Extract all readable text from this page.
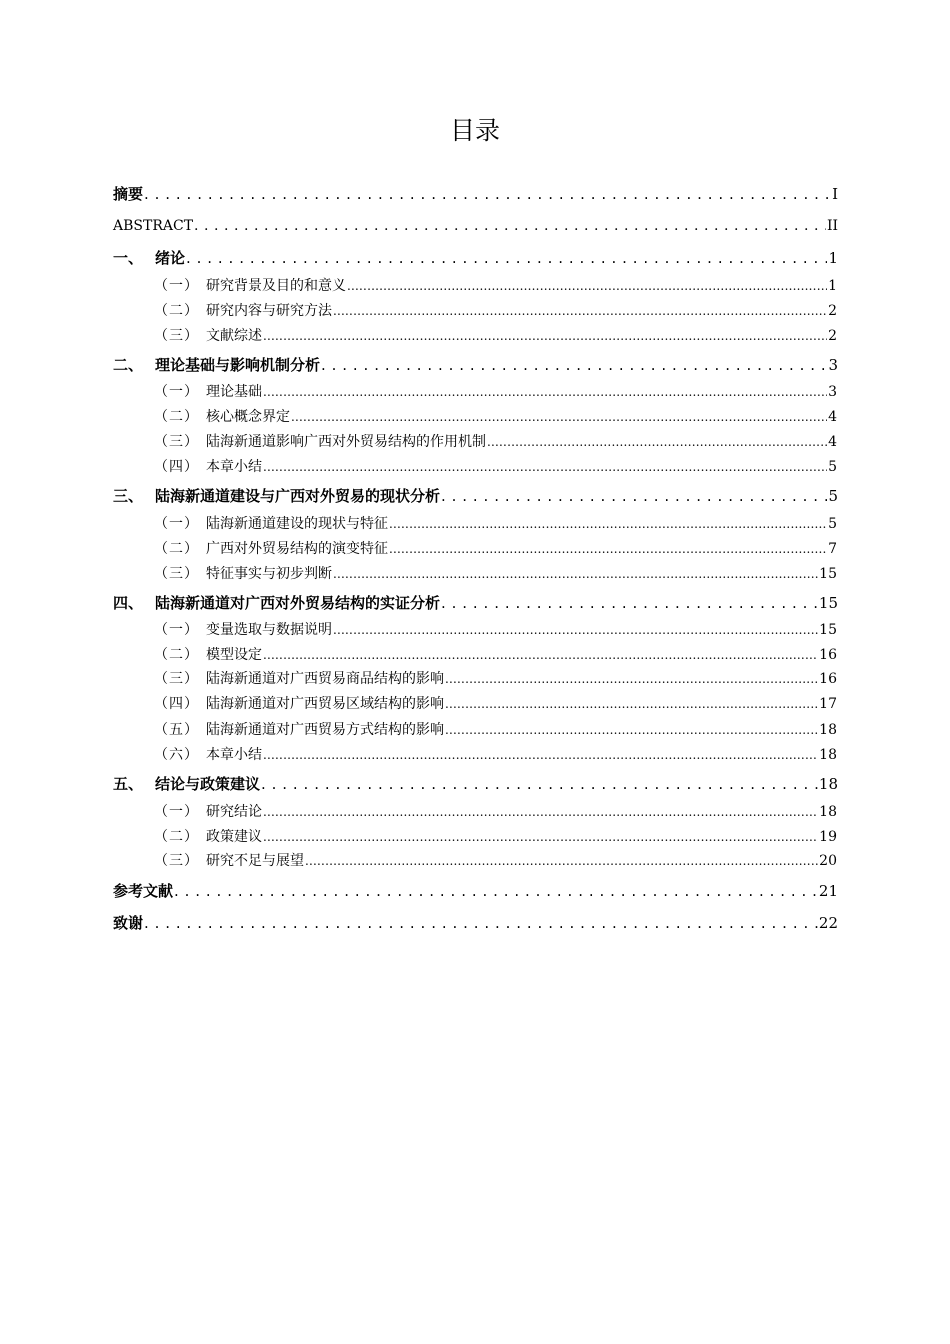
目录
摘要 . . .	I
ABSTRACT . . .	II
一、 绪论 . . .	1
（一） 研究背景及目的和意义 .....	1
（二） 研究内容与研究方法 .....	2
（三） 文献综述 .....	2
二、 理论基础与影响机制分析 . . .	3
（一） 理论基础 .....	3
（二） 核心概念界定 .....	4
（三） 陆海新通道影响广西对外贸易结构的作用机制 .....	4
（四） 本章小结 .....	5
三、 陆海新通道建设与广西对外贸易的现状分析 . . .	5
（一） 陆海新通道建设的现状与特征 .....	5
（二） 广西对外贸易结构的演变特征 .....	7
（三） 特征事实与初步判断 .....	15
四、 陆海新通道对广西对外贸易结构的实证分析 . . .	15
（一） 变量选取与数据说明 .....	15
（二） 模型设定 .....	16
（三） 陆海新通道对广西贸易商品结构的影响 .....	16
（四） 陆海新通道对广西贸易区域结构的影响 .....	17
（五） 陆海新通道对广西贸易方式结构的影响 .....	18
（六） 本章小结 .....	18
五、 结论与政策建议 . . .	18
（一） 研究结论 .....	18
（二） 政策建议 .....	19
（三） 研究不足与展望 .....	20
参考文献 . . .	21
致谢 . . .	22
